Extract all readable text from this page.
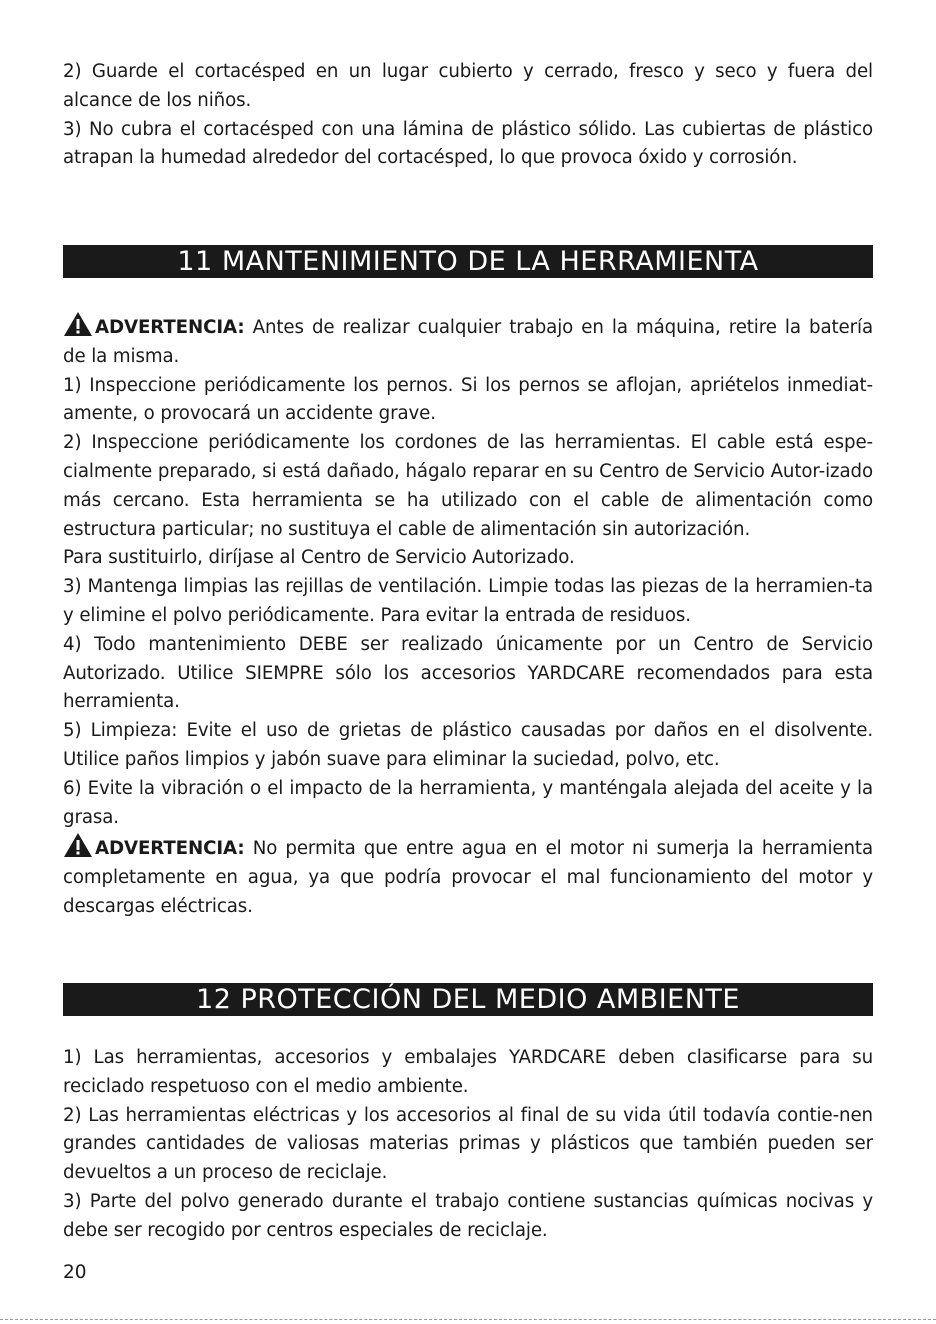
2) Guarde el cortacésped en un lugar cubierto y cerrado, fresco y seco y fuera del alcance de los niños.

3) No cubra el cortacésped con una lámina de plástico sólido. Las cubiertas de plástico atrapan la humedad alrededor del cortacésped, lo que provoca óxido y corrosión.

11 MANTENIMIENTO DE LA HERRAMIENTA

ADVERTENCIA: Antes de realizar cualquier trabajo en la máquina, retire la batería de la misma.

1) Inspeccione periódicamente los pernos. Si los pernos se aflojan, apriételos inmediat-amente, o provocará un accidente grave.

2) Inspeccione periódicamente los cordones de las herramientas. El cable está espe-cialmente preparado, si está dañado, hágalo reparar en su Centro de Servicio Autor-izado más cercano. Esta herramienta se ha utilizado con el cable de alimentación como estructura particular; no sustituya el cable de alimentación sin autorización.

Para sustituirlo, diríjase al Centro de Servicio Autorizado.

3) Mantenga limpias las rejillas de ventilación. Limpie todas las piezas de la herramien-ta y elimine el polvo periódicamente. Para evitar la entrada de residuos.

4) Todo mantenimiento DEBE ser realizado únicamente por un Centro de Servicio Autorizado. Utilice SIEMPRE sólo los accesorios YARDCARE recomendados para esta herramienta.

5) Limpieza: Evite el uso de grietas de plástico causadas por daños en el disolvente. Utilice paños limpios y jabón suave para eliminar la suciedad, polvo, etc.

6) Evite la vibración o el impacto de la herramienta, y manténgala alejada del aceite y la grasa.

ADVERTENCIA: No permita que entre agua en el motor ni sumerja la herramienta completamente en agua, ya que podría provocar el mal funcionamiento del motor y descargas eléctricas.

12 PROTECCIÓN DEL MEDIO AMBIENTE

1) Las herramientas, accesorios y embalajes YARDCARE deben clasificarse para su reciclado respetuoso con el medio ambiente.

2) Las herramientas eléctricas y los accesorios al final de su vida útil todavía contie-nen grandes cantidades de valiosas materias primas y plásticos que también pueden ser devueltos a un proceso de reciclaje.

3) Parte del polvo generado durante el trabajo contiene sustancias químicas nocivas y debe ser recogido por centros especiales de reciclaje.

20
